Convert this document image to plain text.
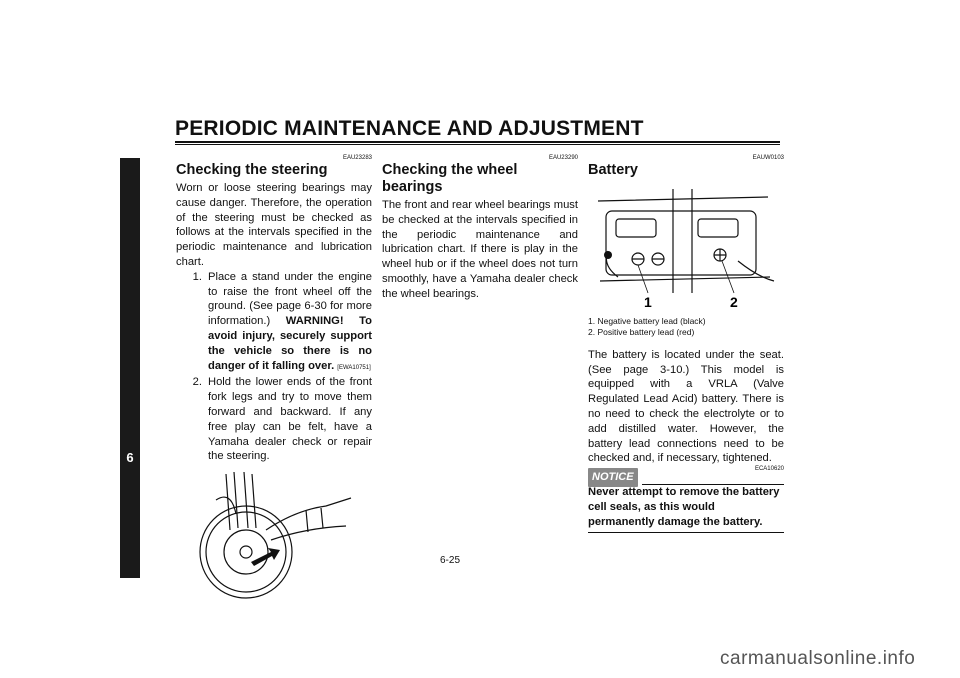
PERIODIC MAINTENANCE AND ADJUSTMENT
6
EAU23283
Checking the steering

Worn or loose steering bearings may cause danger. Therefore, the operation of the steering must be checked as follows at the intervals specified in the periodic maintenance and lubrication chart.

1. Place a stand under the engine to raise the front wheel off the ground. (See page 6-30 for more information.) WARNING! To avoid injury, securely support the vehicle so there is no danger of it falling over. [EWA10751]
2. Hold the lower ends of the front fork legs and try to move them forward and backward. If any free play can be felt, have a Yamaha dealer check or repair the steering.
EAU23290
Checking the wheel bearings

The front and rear wheel bearings must be checked at the intervals specified in the periodic maintenance and lubrication chart. If there is play in the wheel hub or if the wheel does not turn smoothly, have a Yamaha dealer check the wheel bearings.

EAUW0103
Battery
1	2
1. Negative battery lead (black)
2. Positive battery lead (red)

The battery is located under the seat. (See page 3-10.) This model is equipped with a VRLA (Valve Regulated Lead Acid) battery. There is no need to check the electrolyte or to add distilled water. However, the battery lead connections need to be checked and, if necessary, tightened.

NOTICE
ECA10620
Never attempt to remove the battery cell seals, as this would permanently damage the battery.
6-25
carmanualsonline.info
